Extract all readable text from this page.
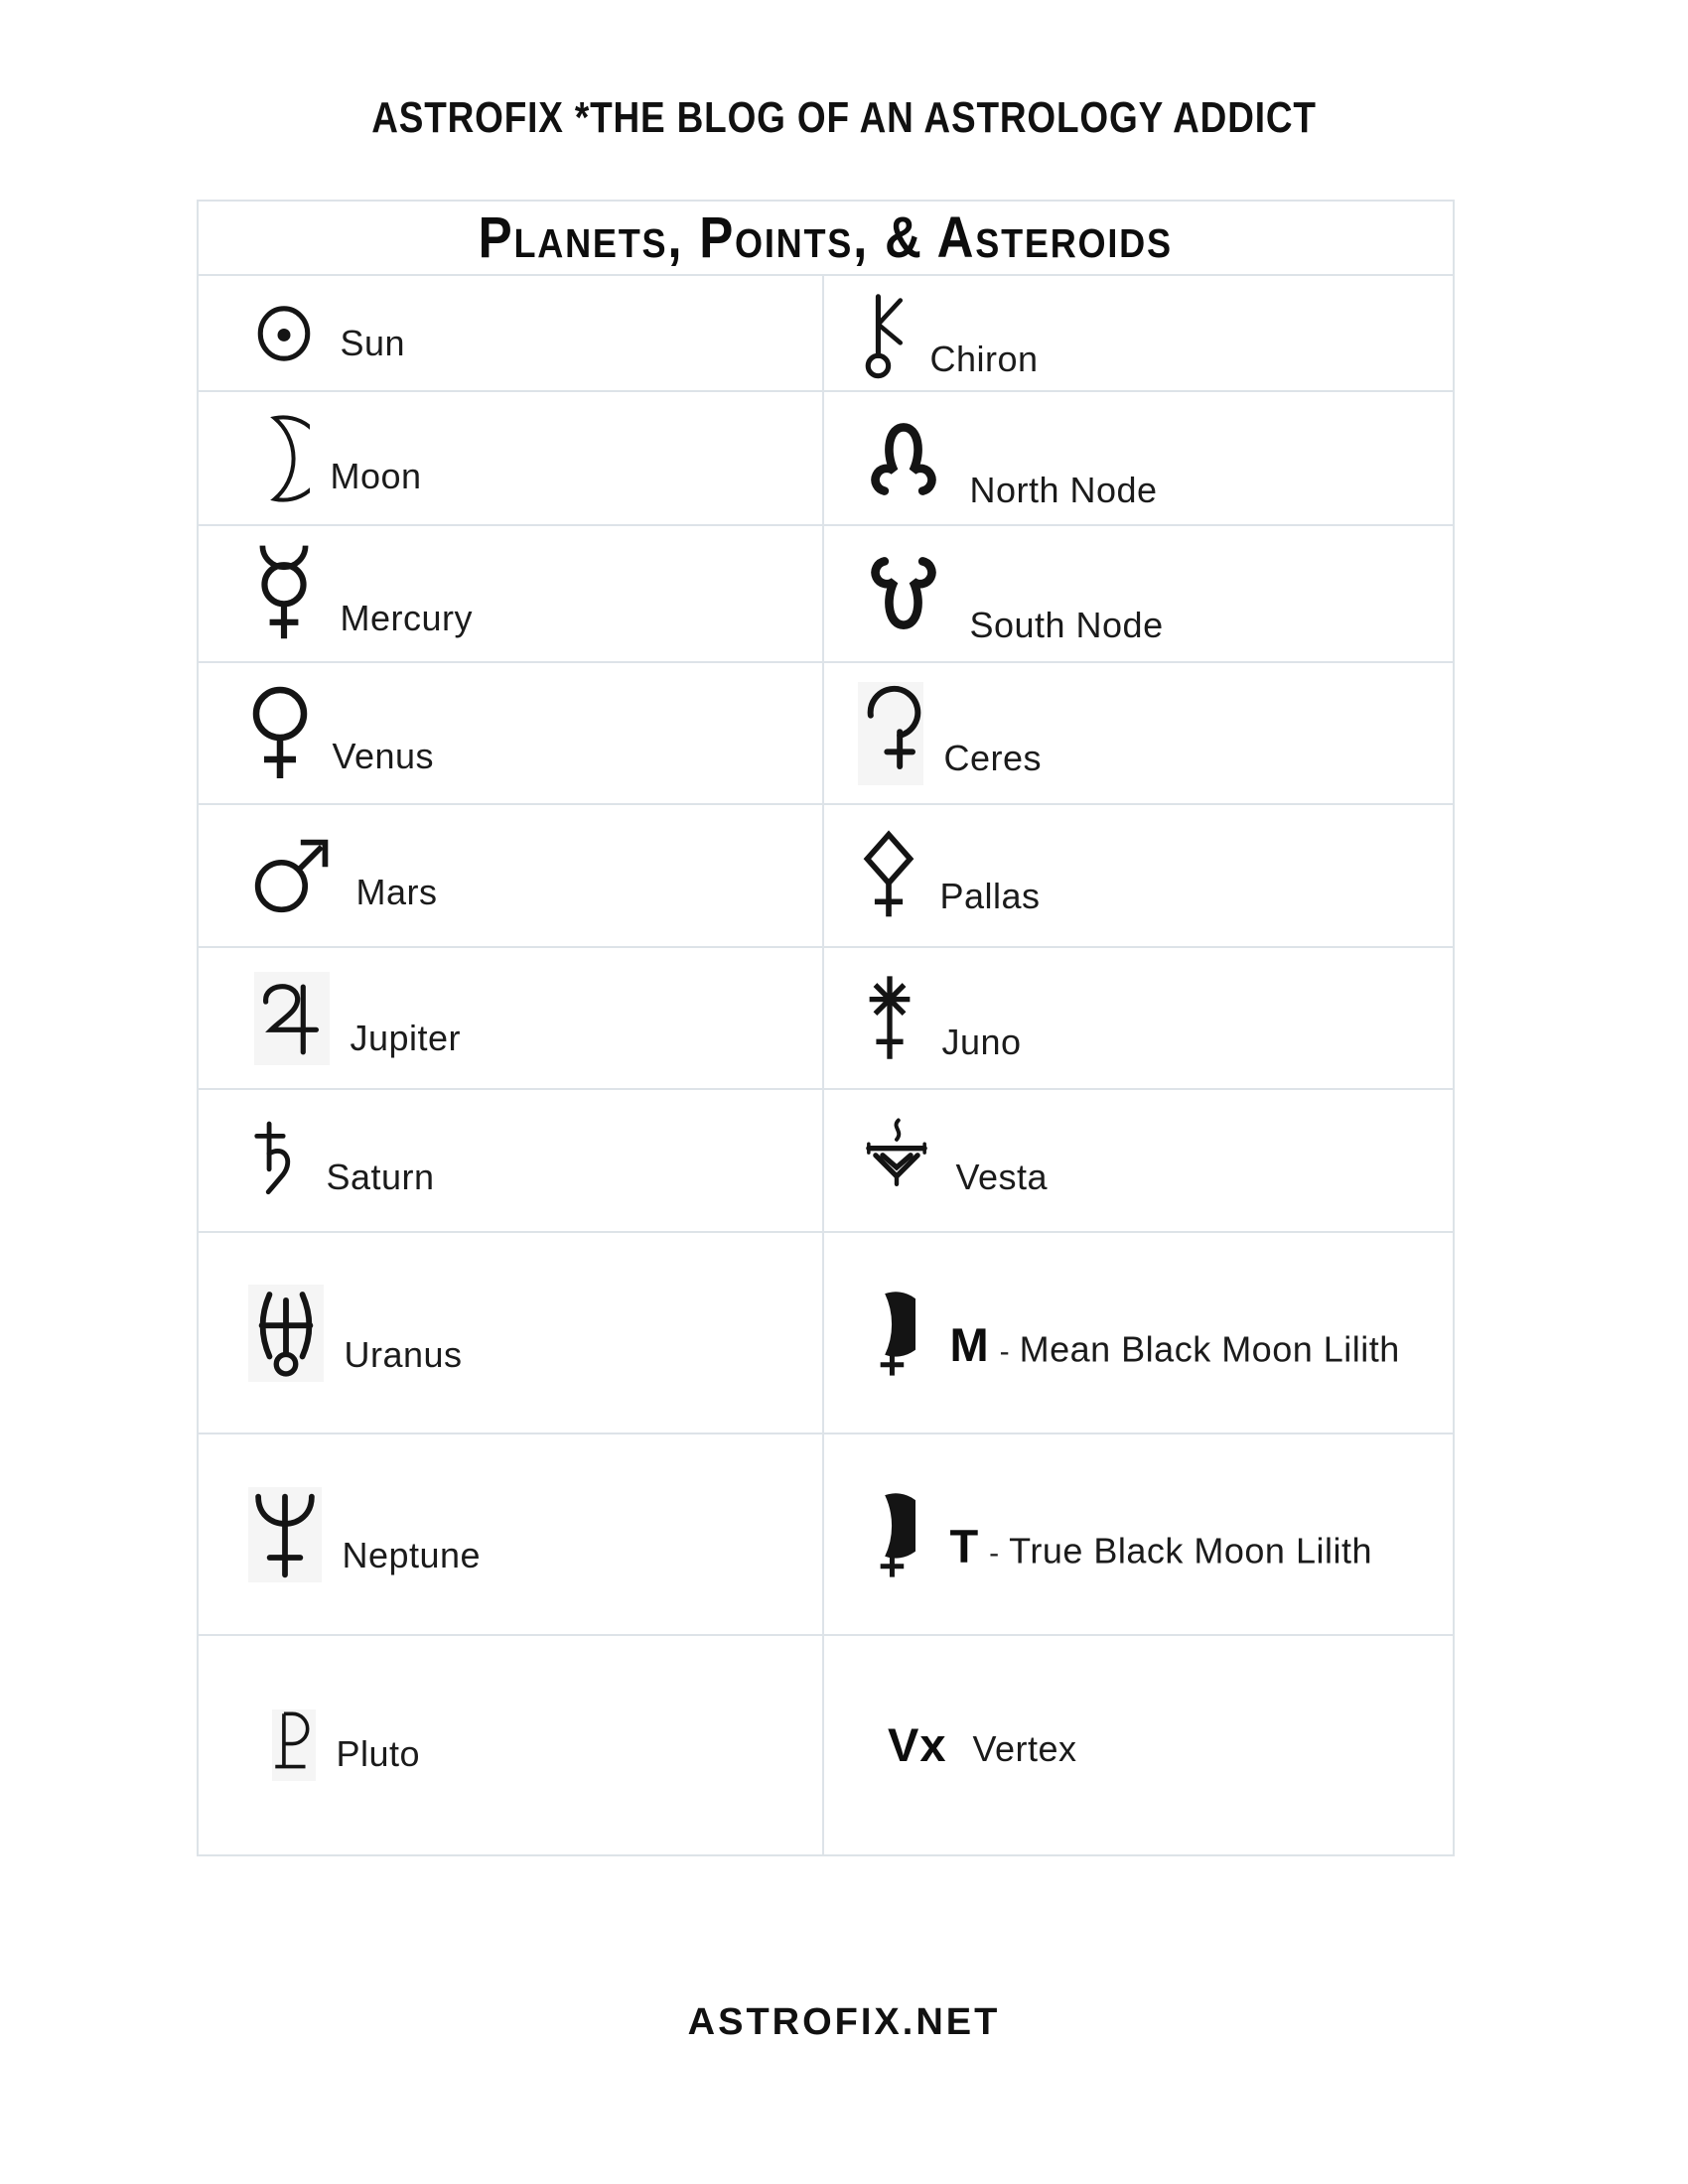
ASTROFIX *THE BLOG OF AN ASTROLOGY ADDICT
Planets, Points, & Asteroids
Sun	Chiron
Moon	North Node
Mercury	South Node
Venus	Ceres
Mars	Pallas
Jupiter	Juno
Saturn	Vesta
Uranus	M - Mean Black Moon Lilith
Neptune	T - True Black Moon Lilith
Pluto	Vx Vertex
ASTROFIX.NET
